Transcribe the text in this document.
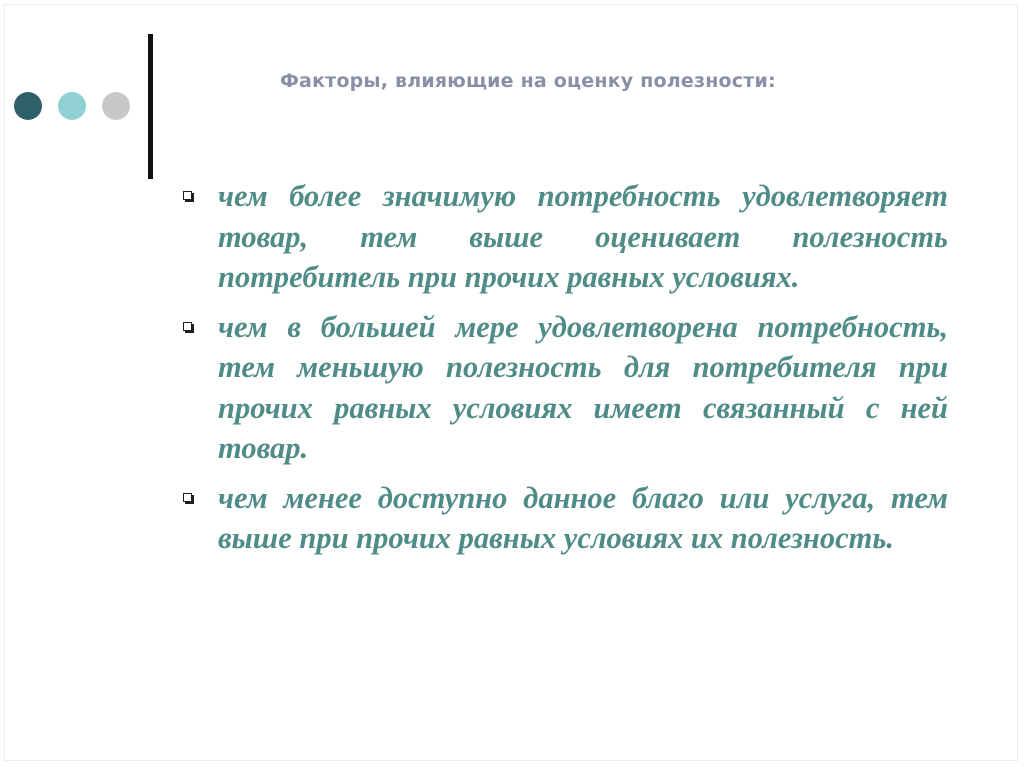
Факторы, влияющие на оценку полезности:
чем более значимую потребность удовлетворяет товар, тем выше оценивает полезность потребитель при прочих равных условиях.
чем в большей мере удовлетворена потребность, тем меньшую полезность для потребителя при прочих равных условиях имеет связанный с ней товар.
чем менее доступно данное благо или услуга, тем выше при прочих равных условиях их полезность.
